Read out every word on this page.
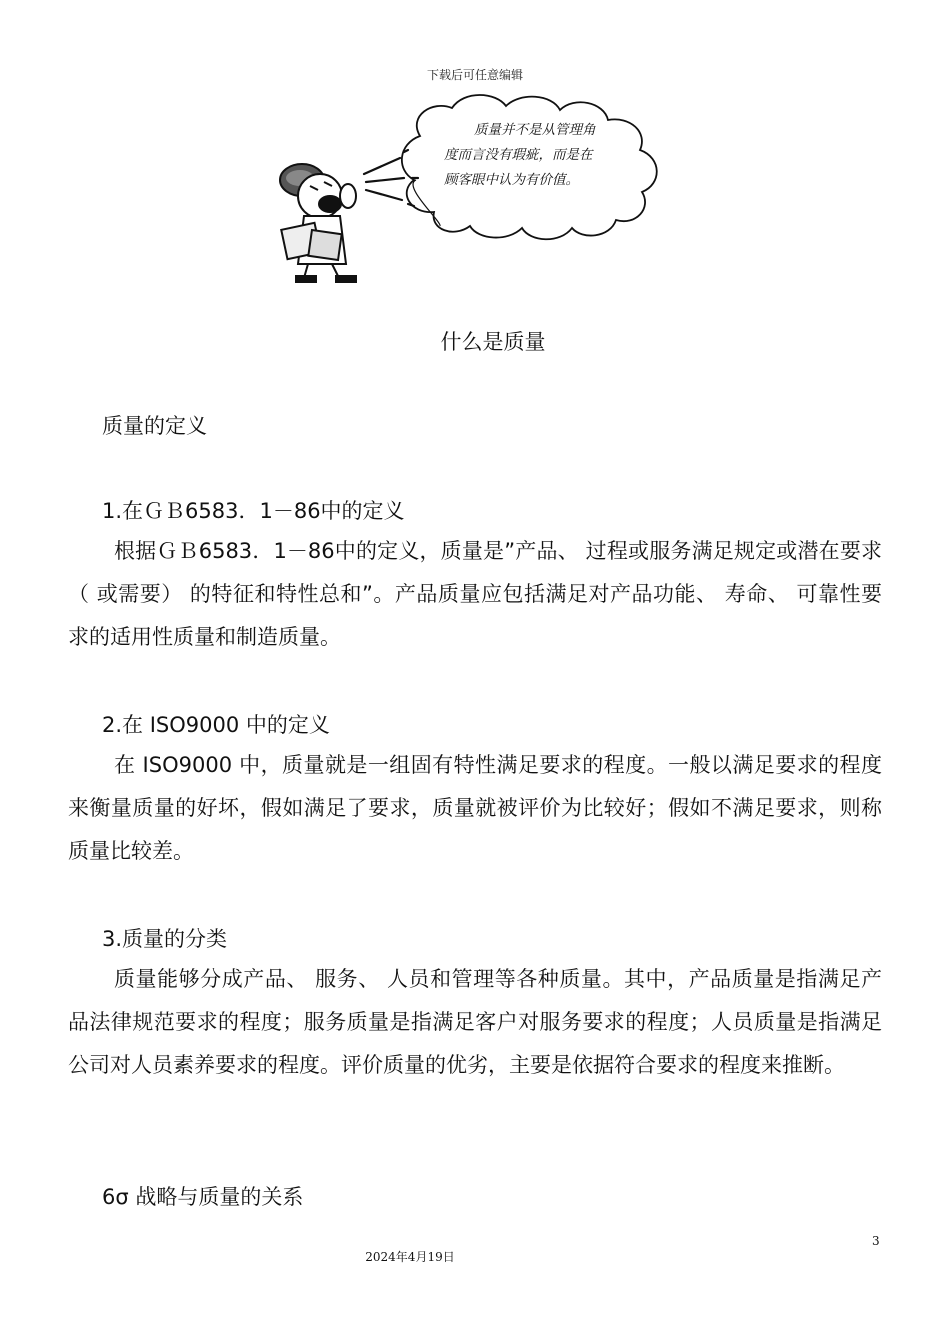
下载后可任意编辑
质量并不是从管理角
度而言没有瑕疵，而是在
顾客眼中认为有价值。
什么是质量
质量的定义
1.在ＧＢ6583．1－86中的定义
根据ＧＢ6583．1－86中的定义，质量是”产品、 过程或服务满足规定或潜在要求（ 或需要） 的特征和特性总和”。产品质量应包括满足对产品功能、 寿命、 可靠性要求的适用性质量和制造质量。
2.在 ISO9000 中的定义
在 ISO9000 中，质量就是一组固有特性满足要求的程度。一般以满足要求的程度来衡量质量的好坏，假如满足了要求，质量就被评价为比较好；假如不满足要求，则称质量比较差。
3.质量的分类
质量能够分成产品、 服务、 人员和管理等各种质量。其中，产品质量是指满足产品法律规范要求的程度；服务质量是指满足客户对服务要求的程度；人员质量是指满足公司对人员素养要求的程度。评价质量的优劣，主要是依据符合要求的程度来推断。
6σ 战略与质量的关系
3
2024年4月19日
